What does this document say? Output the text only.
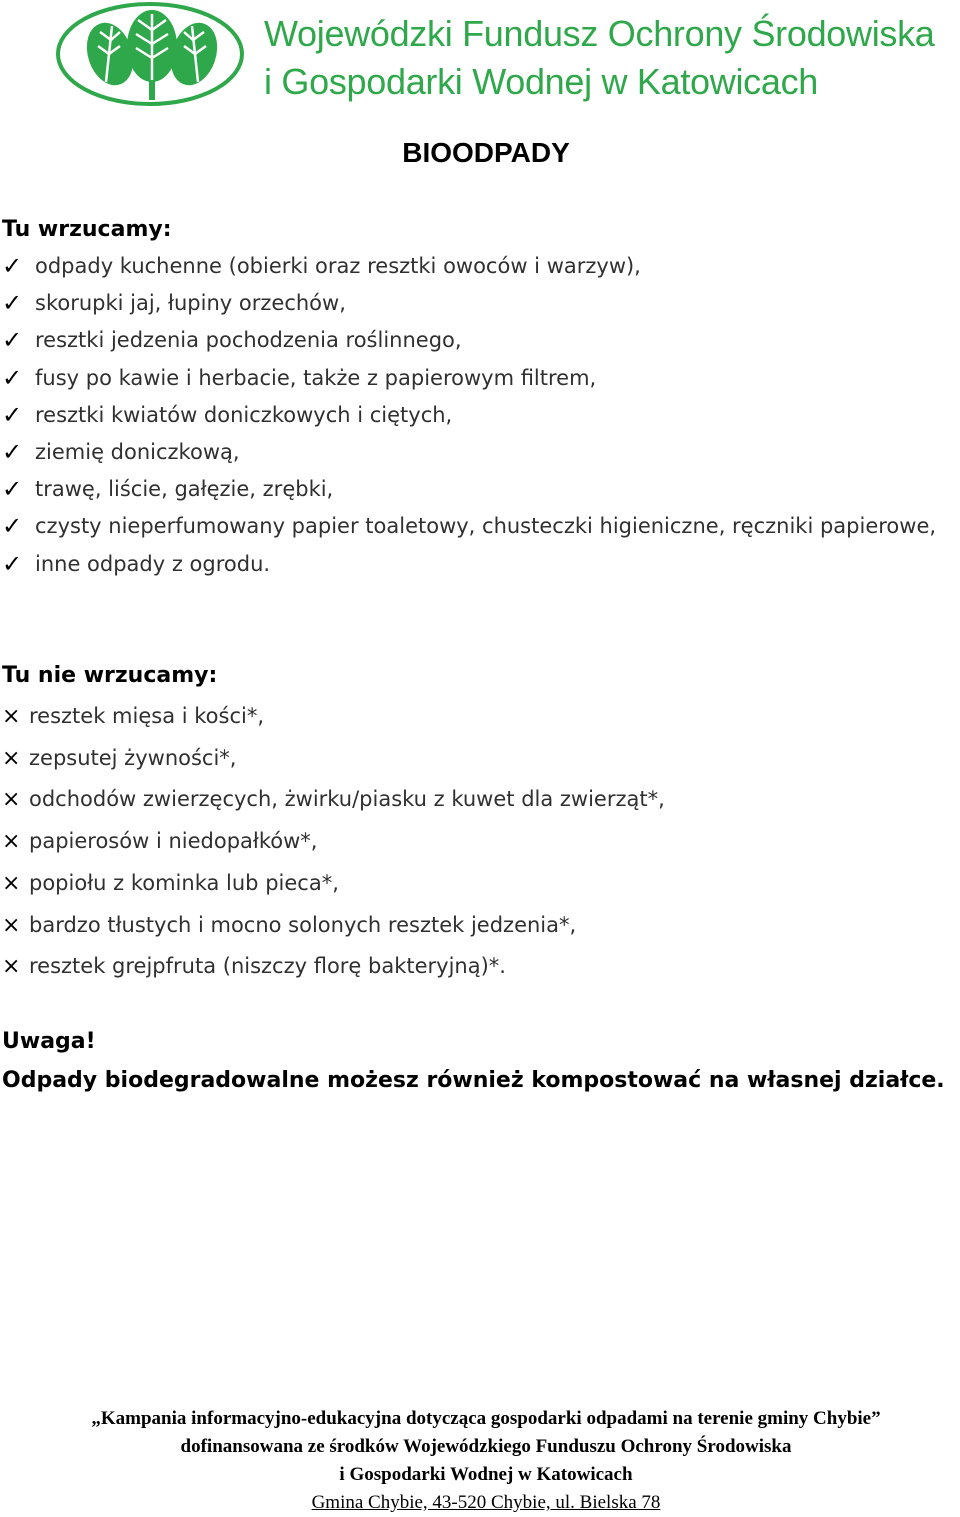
Wojewódzki Fundusz Ochrony Środowiska
i Gospodarki Wodnej w Katowicach
BIOODPADY
Tu wrzucamy:
✓ odpady kuchenne (obierki oraz resztki owoców i warzyw),
✓ skorupki jaj, łupiny orzechów,
✓ resztki jedzenia pochodzenia roślinnego,
✓ fusy po kawie i herbacie, także z papierowym filtrem,
✓ resztki kwiatów doniczkowych i ciętych,
✓ ziemię doniczkową,
✓ trawę, liście, gałęzie, zrębki,
✓ czysty nieperfumowany papier toaletowy, chusteczki higieniczne, ręczniki papierowe,
✓ inne odpady z ogrodu.
Tu nie wrzucamy:
× resztek mięsa i kości*,
× zepsutej żywności*,
× odchodów zwierzęcych, żwirku/piasku z kuwet dla zwierząt*,
× papierosów i niedopałków*,
× popiołu z kominka lub pieca*,
× bardzo tłustych i mocno solonych resztek jedzenia*,
× resztek grejpfruta (niszczy florę bakteryjną)*.

Uwaga!

Odpady biodegradowalne możesz również kompostować na własnej działce.

„Kampania informacyjno-edukacyjna dotycząca gospodarki odpadami na terenie gminy Chybie”
dofinansowana ze środków Wojewódzkiego Funduszu Ochrony Środowiska
i Gospodarki Wodnej w Katowicach
Gmina Chybie, 43-520 Chybie, ul. Bielska 78
